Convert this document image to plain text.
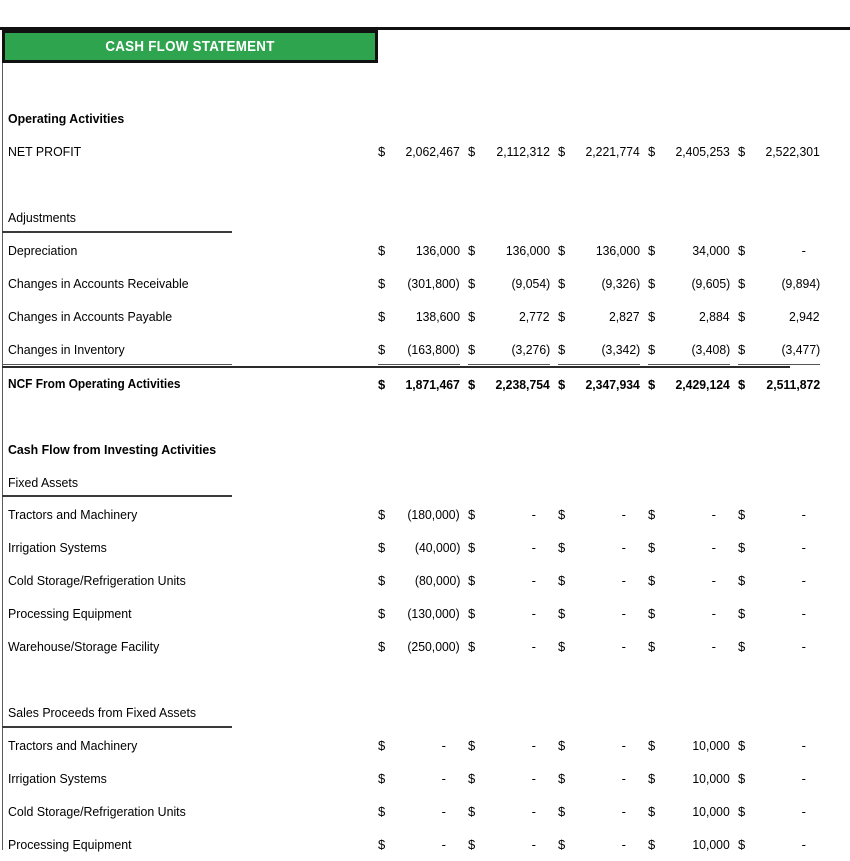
CASH FLOW STATEMENT
Operating Activities
NET PROFIT	$ 2,062,467 $ 2,112,312 $ 2,221,774 $ 2,405,253 $ 2,522,301
Adjustments
Depreciation	$ 136,000 $ 136,000 $ 136,000 $	34,000 $	-
Changes in Accounts Receivable	$ (301,800) $	(9,054) $	(9,326) $	(9,605) $	(9,894)
Changes in Accounts Payable	$ 138,600 $	2,772 $	2,827 $	2,884 $	2,942
Changes in Inventory	$ (163,800) $	(3,276) $	(3,342) $	(3,408) $	(3,477)
NCF From Operating Activities	$ 1,871,467 $ 2,238,754 $ 2,347,934 $ 2,429,124 $ 2,511,872
Cash Flow from Investing Activities
Fixed Assets
Tractors and Machinery	$ (180,000) $	- $	- $	- $	-
Irrigation Systems	$ (40,000) $	- $	- $	- $	-
Cold Storage/Refrigeration Units	$ (80,000) $	- $	- $	- $	-
Processing Equipment	$ (130,000) $	- $	- $	- $	-
Warehouse/Storage Facility	$ (250,000) $	- $	- $	- $	-
Sales Proceeds from Fixed Assets
Tractors and Machinery	$	- $	- $	- $	10,000 $	-
Irrigation Systems	$	- $	- $	- $	10,000 $	-
Cold Storage/Refrigeration Units	$	- $	- $	- $	10,000 $	-
Processing Equipment	$	- $	- $	- $	10,000 $	-
